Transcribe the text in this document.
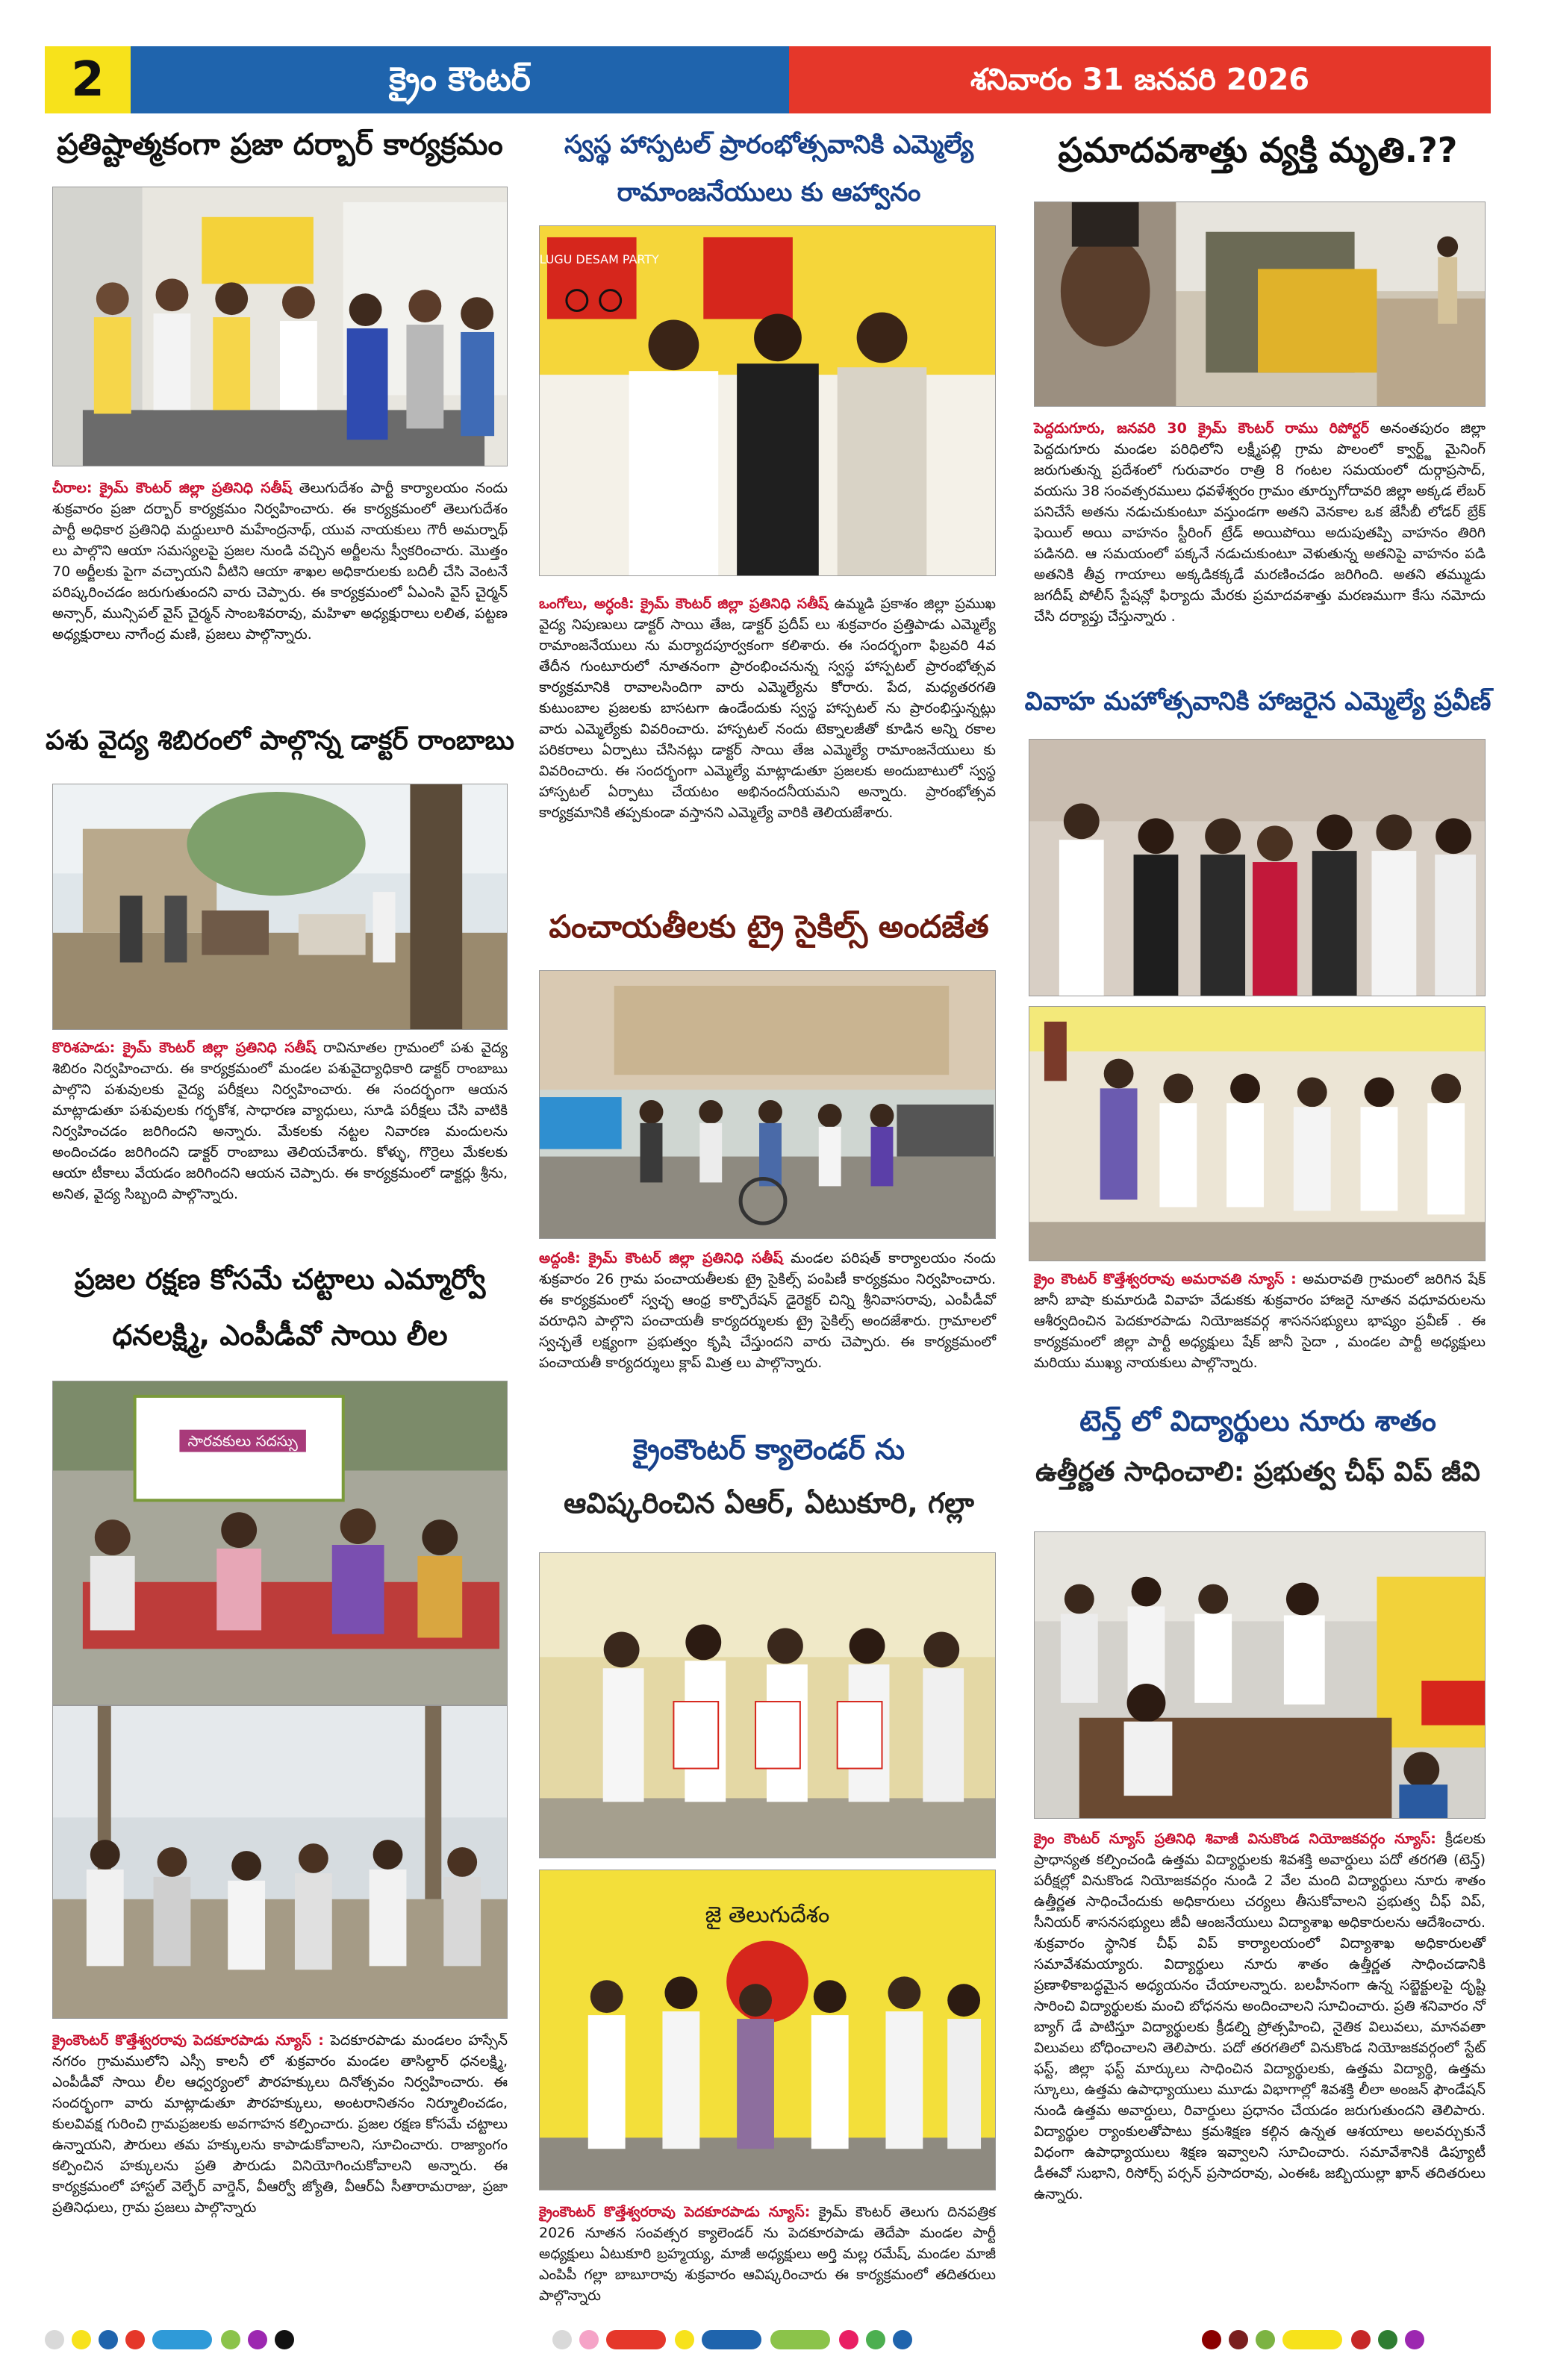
2	క్రైం కౌంటర్	శనివారం 31 జనవరి 2026
ప్రతిష్టాత్మకంగా ప్రజా దర్బార్ కార్యక్రమం
చీరాల: క్రైమ్ కౌంటర్ జిల్లా ప్రతినిధి సతీష్ తెలుగుదేశం పార్టీ కార్యాలయం నందు శుక్రవారం ప్రజా దర్బార్ కార్యక్రమం నిర్వహించారు. ఈ కార్యక్రమంలో తెలుగుదేశం పార్టీ అధికార ప్రతినిధి మద్దులూరి మహేంద్రనాథ్, యువ నాయకులు గౌరీ అమర్నాథ్ లు పాల్గొని ఆయా సమస్యలపై ప్రజల నుండి వచ్చిన అర్జీలను స్వీకరించారు. మొత్తం 70 అర్జీలకు పైగా వచ్చాయని వీటిని ఆయా శాఖల అధికారులకు బదిలీ చేసి వెంటనే పరిష్కరించడం జరుగుతుందని వారు చెప్పారు. ఈ కార్యక్రమంలో ఏఎంసి వైస్ చైర్మన్ అన్సార్, మున్సిపల్ వైస్ చైర్మన్ సాంబశివరావు, మహిళా అధ్యక్షురాలు లలిత, పట్టణ అధ్యక్షురాలు నాగేంద్ర మణి, ప్రజలు పాల్గొన్నారు.
పశు వైద్య శిబిరంలో పాల్గొన్న డాక్టర్ రాంబాబు
కొరిశపాడు: క్రైమ్ కౌంటర్ జిల్లా ప్రతినిధి సతీష్ రావినూతల గ్రామంలో పశు వైద్య శిబిరం నిర్వహించారు. ఈ కార్యక్రమంలో మండల పశువైద్యాధికారి డాక్టర్ రాంబాబు పాల్గొని పశువులకు వైద్య పరీక్షలు నిర్వహించారు. ఈ సందర్భంగా ఆయన మాట్లాడుతూ పశువులకు గర్భకోశ, సాధారణ వ్యాధులు, సూడి పరీక్షలు చేసి వాటికి నిర్వహించడం జరిగిందని అన్నారు. మేకలకు నట్టల నివారణ మందులను అందించడం జరిగిందని డాక్టర్ రాంబాబు తెలియచేశారు. కోళ్ళు, గొర్రెలు మేకలకు ఆయా టీకాలు వేయడం జరిగిందని ఆయన చెప్పారు. ఈ కార్యక్రమంలో డాక్టర్లు శ్రీను, అనిత, వైద్య సిబ్బంది పాల్గొన్నారు.
ప్రజల రక్షణ కోసమే చట్టాలు ఎమ్మార్వో
ధనలక్ష్మి, ఎంపీడీవో సాయి లీల
సారవకులు సదస్సు
క్రైంకౌంటర్ కొత్తేశ్వరరావు పెదకూరపాడు న్యూస్ : పెదకూరపాడు మండలం హస్సేన్ నగరం గ్రామములోని ఎస్సీ కాలనీ లో శుక్రవారం మండల తాసిల్దార్ ధనలక్ష్మి, ఎంపీడీవో సాయి లీల ఆధ్వర్యంలో పౌరహక్కులు దినోత్సవం నిర్వహించారు. ఈ సందర్భంగా వారు మాట్లాడుతూ పౌరహక్కులు, అంటరానితనం నిర్మూలించడం, కులవివక్ష గురించి గ్రామప్రజలకు అవగాహన కల్పించారు. ప్రజల రక్షణ కోసమే చట్టాలు ఉన్నాయని, పౌరులు తమ హక్కులను కాపాడుకోవాలని, సూచించారు. రాజ్యాంగం కల్పించిన హక్కులను ప్రతి పౌరుడు వినియోగించుకోవాలని అన్నారు. ఈ కార్యక్రమంలో హాస్టల్ వెల్ఫేర్ వార్డెన్, వీఆర్వో జ్యోతి, వీఆర్ఏ సీతారామరాజు, ప్రజా ప్రతినిధులు, గ్రామ ప్రజలు పాల్గొన్నారు
స్వస్థ హాస్పటల్ ప్రారంభోత్సవానికి ఎమ్మెల్యే
రామాంజనేయులు కు ఆహ్వానం
TELUGU DESAM PARTY
ఒంగోలు, అర్ధంకి: క్రైమ్ కౌంటర్ జిల్లా ప్రతినిధి సతీష్ ఉమ్మడి ప్రకాశం జిల్లా ప్రముఖ వైద్య నిపుణులు డాక్టర్ సాయి తేజ, డాక్టర్ ప్రదీప్ లు శుక్రవారం ప్రత్తిపాడు ఎమ్మెల్యే రామాంజనేయులు ను మర్యాదపూర్వకంగా కలిశారు. ఈ సందర్భంగా ఫిబ్రవరి 4వ తేదీన గుంటూరులో నూతనంగా ప్రారంభించనున్న స్వస్థ హాస్పటల్ ప్రారంభోత్సవ కార్యక్రమానికి రావాలసిందిగా వారు ఎమ్మెల్యేను కోరారు. పేద, మధ్యతరగతి కుటుంబాల ప్రజలకు బాసటగా ఉండేందుకు స్వస్థ హాస్పటల్ ను ప్రారంభిస్తున్నట్లు వారు ఎమ్మెల్యేకు వివరించారు. హాస్పటల్ నందు టెక్నాలజీతో కూడిన అన్ని రకాల పరికరాలు ఏర్పాటు చేసినట్లు డాక్టర్ సాయి తేజ ఎమ్మెల్యే రామాంజనేయులు కు వివరించారు. ఈ సందర్భంగా ఎమ్మెల్యే మాట్లాడుతూ ప్రజలకు అందుబాటులో స్వస్థ హాస్పటల్ ఏర్పాటు చేయటం అభినందనీయమని అన్నారు. ప్రారంభోత్సవ కార్యక్రమానికి తప్పకుండా వస్తానని ఎమ్మెల్యే వారికి తెలియజేశారు.
పంచాయతీలకు ట్రై సైకిల్స్ అందజేత
అద్దంకి: క్రైమ్ కౌంటర్ జిల్లా ప్రతినిధి సతీష్ మండల పరిషత్ కార్యాలయం నందు శుక్రవారం 26 గ్రామ పంచాయతీలకు ట్రై సైకిల్స్ పంపిణీ కార్యక్రమం నిర్వహించారు. ఈ కార్యక్రమంలో స్వచ్ఛ ఆంధ్ర కార్పొరేషన్ డైరెక్టర్ చిన్ని శ్రీనివాసరావు, ఎంపీడీవో వరూధిని పాల్గొని పంచాయతీ కార్యదర్శులకు ట్రై సైకిల్స్ అందజేశారు. గ్రామాలలో స్వచ్ఛతే లక్ష్యంగా ప్రభుత్వం కృషి చేస్తుందని వారు చెప్పారు. ఈ కార్యక్రమంలో పంచాయతీ కార్యదర్శులు క్లాప్ మిత్ర లు పాల్గొన్నారు.
క్రైంకౌంటర్ క్యాలెండర్ ను
ఆవిష్కరించిన ఏఆర్, ఏటుకూరి, గల్లా
జై తెలుగుదేశం
క్రైంకౌంటర్ కొత్తేశ్వరరావు పెదకూరపాడు న్యూస్: క్రైమ్ కౌంటర్ తెలుగు దినపత్రిక 2026 నూతన సంవత్సర క్యాలెండర్ ను పెదకూరపాడు తెదేపా మండల పార్టీ అధ్యక్షులు ఏటుకూరి బ్రహ్మయ్య, మాజీ అధ్యక్షులు అర్తి మల్ల రమేష్, మండల మాజీ ఎంపిపీ గల్లా బాబూరావు శుక్రవారం ఆవిష్కరించారు ఈ కార్యక్రమంలో తదితరులు పాల్గొన్నారు
ప్రమాదవశాత్తు వ్యక్తి మృతి.??
పెద్దదుగూరు, జనవరి 30 క్రైమ్ కౌంటర్ రాము రిపోర్టర్ అనంతపురం జిల్లా పెద్దదుగూరు మండల పరిధిలోని లక్ష్మీపల్లి గ్రామ పొలంలో క్వార్ట్జ్ మైనింగ్ జరుగుతున్న ప్రదేశంలో గురువారం రాత్రి 8 గంటల సమయంలో దుర్గాప్రసాద్, వయసు 38 సంవత్సరములు ధవళేశ్వరం గ్రామం తూర్పుగోదావరి జిల్లా అక్కడ లేబర్ పనిచేసే అతను నడుచుకుంటూ వస్తుండగా అతని వెనకాల ఒక జేసీబీ లోడర్ బ్రేక్ ఫెయిల్ అయి వాహనం స్టీరింగ్ ట్రేడ్ అయిపోయి అదుపుతప్పి వాహనం తిరిగి పడినది. ఆ సమయంలో పక్కనే నడుచుకుంటూ వెళుతున్న అతనిపై వాహనం పడి అతనికి తీవ్ర గాయాలు అక్కడికక్కడే మరణించడం జరిగింది. అతని తమ్ముడు జగదీష్ పోలీస్ స్టేషన్లో ఫిర్యాదు మేరకు ప్రమాదవశాత్తు మరణముగా కేసు నమోదు చేసి దర్యాప్తు చేస్తున్నారు .
వివాహ మహోత్సవానికి హాజరైన ఎమ్మెల్యే ప్రవీణ్
క్రైం కౌంటర్ కొత్తేశ్వరరావు అమరావతి న్యూస్ : అమరావతి గ్రామంలో జరిగిన షేక్ జానీ బాషా కుమారుడి వివాహ వేడుకకు శుక్రవారం హాజరై నూతన వధూవరులను ఆశీర్వదించిన పెదకూరపాడు నియోజకవర్గ శాసనసభ్యులు భాష్యం ప్రవీణ్ . ఈ కార్యక్రమంలో జిల్లా పార్టీ అధ్యక్షులు షేక్ జానీ సైదా , మండల పార్టీ అధ్యక్షులు మరియు ముఖ్య నాయకులు పాల్గొన్నారు.
టెన్త్ లో విద్యార్థులు నూరు శాతం
ఉత్తీర్ణత సాధించాలి: ప్రభుత్వ చీఫ్ విప్ జీవి
క్రైం కౌంటర్ న్యూస్ ప్రతినిధి శివాజీ వినుకొండ నియోజకవర్గం న్యూస్: క్రీడలకు ప్రాధాన్యత కల్పించండి ఉత్తమ విద్యార్థులకు శివశక్తి అవార్డులు పదో తరగతి (టెన్త్) పరీక్షల్లో వినుకొండ నియోజకవర్గం నుండి 2 వేల మంది విద్యార్థులు నూరు శాతం ఉత్తీర్ణత సాధించేందుకు అధికారులు చర్యలు తీసుకోవాలని ప్రభుత్వ చీఫ్ విప్, సీనియర్ శాసనసభ్యులు జీవీ ఆంజనేయులు విద్యాశాఖ అధికారులను ఆదేశించారు. శుక్రవారం స్థానిక చీఫ్ విప్ కార్యాలయంలో విద్యాశాఖ అధికారులతో సమావేశమయ్యారు. విద్యార్థులు నూరు శాతం ఉత్తీర్ణత సాధించడానికి ప్రణాళికాబద్ధమైన అధ్యయనం చేయాలన్నారు. బలహీనంగా ఉన్న సబ్జెక్టులపై దృష్టి సారించి విద్యార్థులకు మంచి బోధనను అందించాలని సూచించారు. ప్రతి శనివారం నో బ్యాగ్ డే పాటిస్తూ విద్యార్థులకు క్రీడల్ని ప్రోత్సహించి, నైతిక విలువలు, మానవతా విలువలు బోధించాలని తెలిపారు. పదో తరగతిలో వినుకొండ నియోజకవర్గంలో స్టేట్ ఫస్ట్, జిల్లా ఫస్ట్ మార్కులు సాధించిన విద్యార్థులకు, ఉత్తమ విద్యార్థి, ఉత్తమ స్కూలు, ఉత్తమ ఉపాధ్యాయులు మూడు విభాగాల్లో శివశక్తి లీలా అంజన్ ఫౌండేషన్ నుండి ఉత్తమ అవార్డులు, రివార్డులు ప్రధానం చేయడం జరుగుతుందని తెలిపారు. విద్యార్థుల ర్యాంకులతోపాటు క్రమశిక్షణ కల్గిన ఉన్నత ఆశయాలు అలవర్చుకునే విధంగా ఉపాధ్యాయులు శిక్షణ ఇవ్వాలని సూచించారు. సమావేశానికి డిప్యూటీ డీఈవో సుభాని, రిసోర్స్ పర్సన్ ప్రసాదరావు, ఎంఈఓ జబ్బియుల్లా ఖాన్ తదితరులు ఉన్నారు.
